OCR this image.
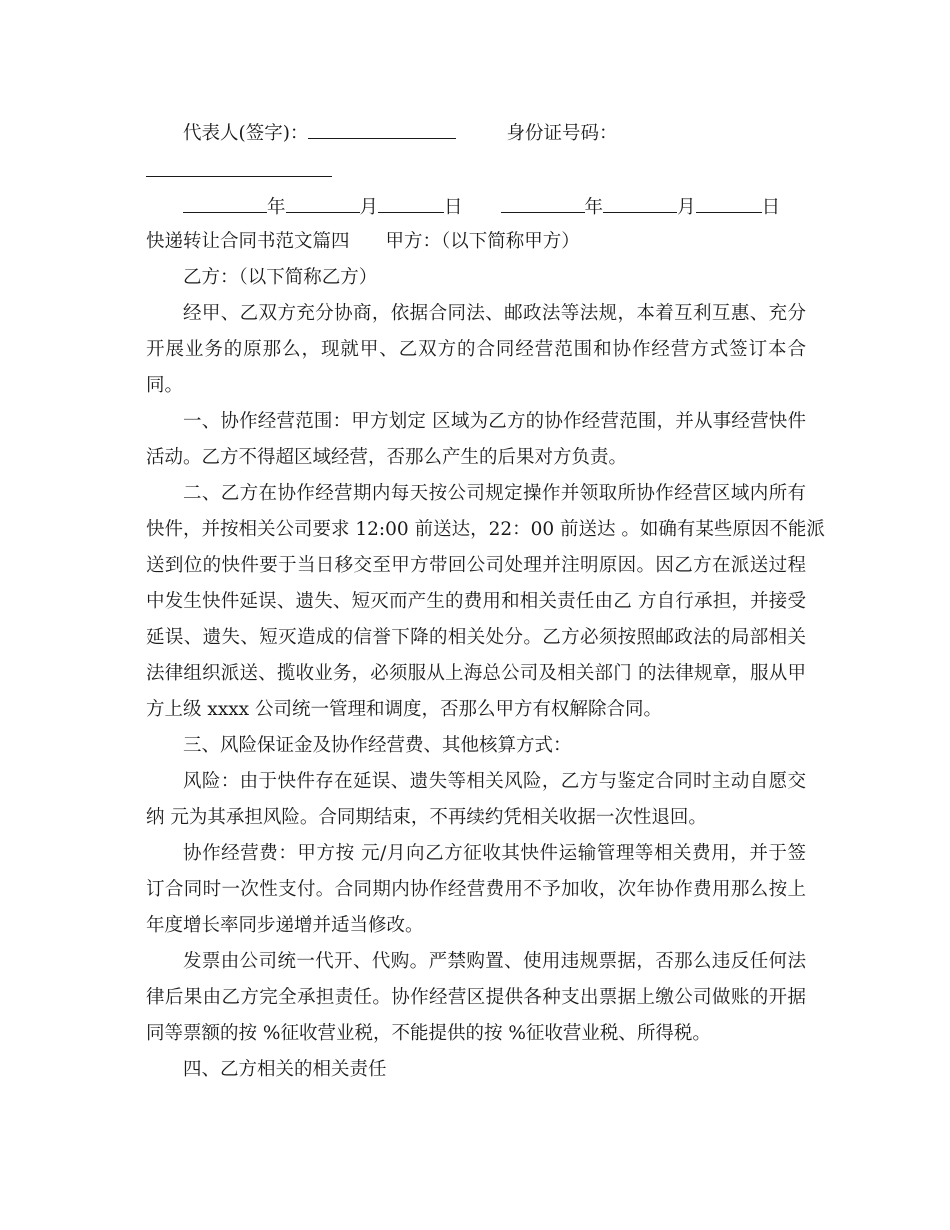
代表人(签字)：	身份证号码：
年	月	日	年	月	日
快递转让合同书范文篇四 甲方：（以下简称甲方）
乙方：（以下简称乙方）
经甲、乙双方充分协商，依据合同法、邮政法等法规，本着互利互惠、充分
开展业务的原那么，现就甲、乙双方的合同经营范围和协作经营方式签订本合
同。
一、协作经营范围：甲方划定 区域为乙方的协作经营范围，并从事经营快件
活动。乙方不得超区域经营，否那么产生的后果对方负责。
二、乙方在协作经营期内每天按公司规定操作并领取所协作经营区域内所有
快件，并按相关公司要求 12:00 前送达，22：00 前送达 。如确有某些原因不能派
送到位的快件要于当日移交至甲方带回公司处理并注明原因。因乙方在派送过程
中发生快件延误、遗失、短灭而产生的费用和相关责任由乙 方自行承担，并接受
延误、遗失、短灭造成的信誉下降的相关处分。乙方必须按照邮政法的局部相关
法律组织派送、揽收业务，必须服从上海总公司及相关部门 的法律规章，服从甲
方上级 xxxx 公司统一管理和调度，否那么甲方有权解除合同。
三、风险保证金及协作经营费、其他核算方式：
风险：由于快件存在延误、遗失等相关风险，乙方与鉴定合同时主动自愿交
纳 元为其承担风险。合同期结束，不再续约凭相关收据一次性退回。
协作经营费：甲方按 元/月向乙方征收其快件运输管理等相关费用，并于签
订合同时一次性支付。合同期内协作经营费用不予加收，次年协作费用那么按上
年度增长率同步递增并适当修改。
发票由公司统一代开、代购。严禁购置、使用违规票据，否那么违反任何法
律后果由乙方完全承担责任。协作经营区提供各种支出票据上缴公司做账的开据
同等票额的按 %征收营业税，不能提供的按 %征收营业税、所得税。
四、乙方相关的相关责任
